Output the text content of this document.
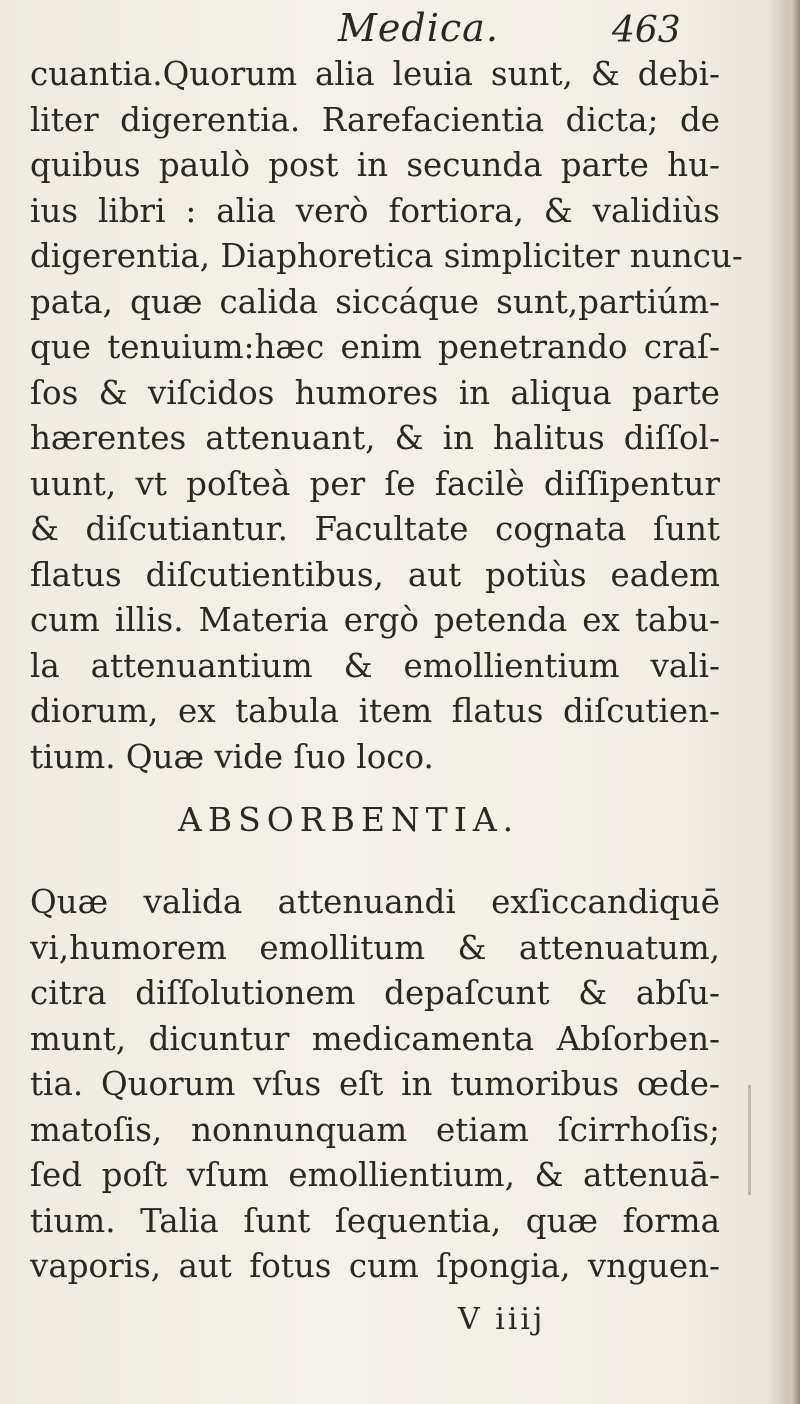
Medica.	463
cuantia.Quorum alia leuia sunt, & debi-
liter digerentia. Rarefacientia dicta; de
quibus paulò post in secunda parte hu-
ius libri : alia verò fortiora, & validiùs
digerentia, Diaphoretica simpliciter nuncu-
pata, quæ calida siccáque sunt,partiúm-
que tenuium:hæc enim penetrando craſ-
ſos & viſcidos humores in aliqua parte
hærentes attenuant, & in halitus diſſol-
uunt, vt poſteà per ſe facilè diſſipentur
& diſcutiantur. Facultate cognata ſunt
flatus diſcutientibus, aut potiùs eadem
cum illis. Materia ergò petenda ex tabu-
la attenuantium & emollientium vali-
diorum, ex tabula item flatus diſcutien-
tium. Quæ vide ſuo loco.
ABSORBENTIA.
Quæ valida attenuandi exſiccandiquē
vi,humorem emollitum & attenuatum,
citra diſſolutionem depaſcunt & abſu-
munt, dicuntur medicamenta Abſorben-
tia. Quorum vſus eſt in tumoribus œde-
matoſis, nonnunquam etiam ſcirrhoſis;
ſed poſt vſum emollientium, & attenuā-
tium. Talia ſunt ſequentia, quæ forma
vaporis, aut fotus cum ſpongia, vnguen-
V iiij
